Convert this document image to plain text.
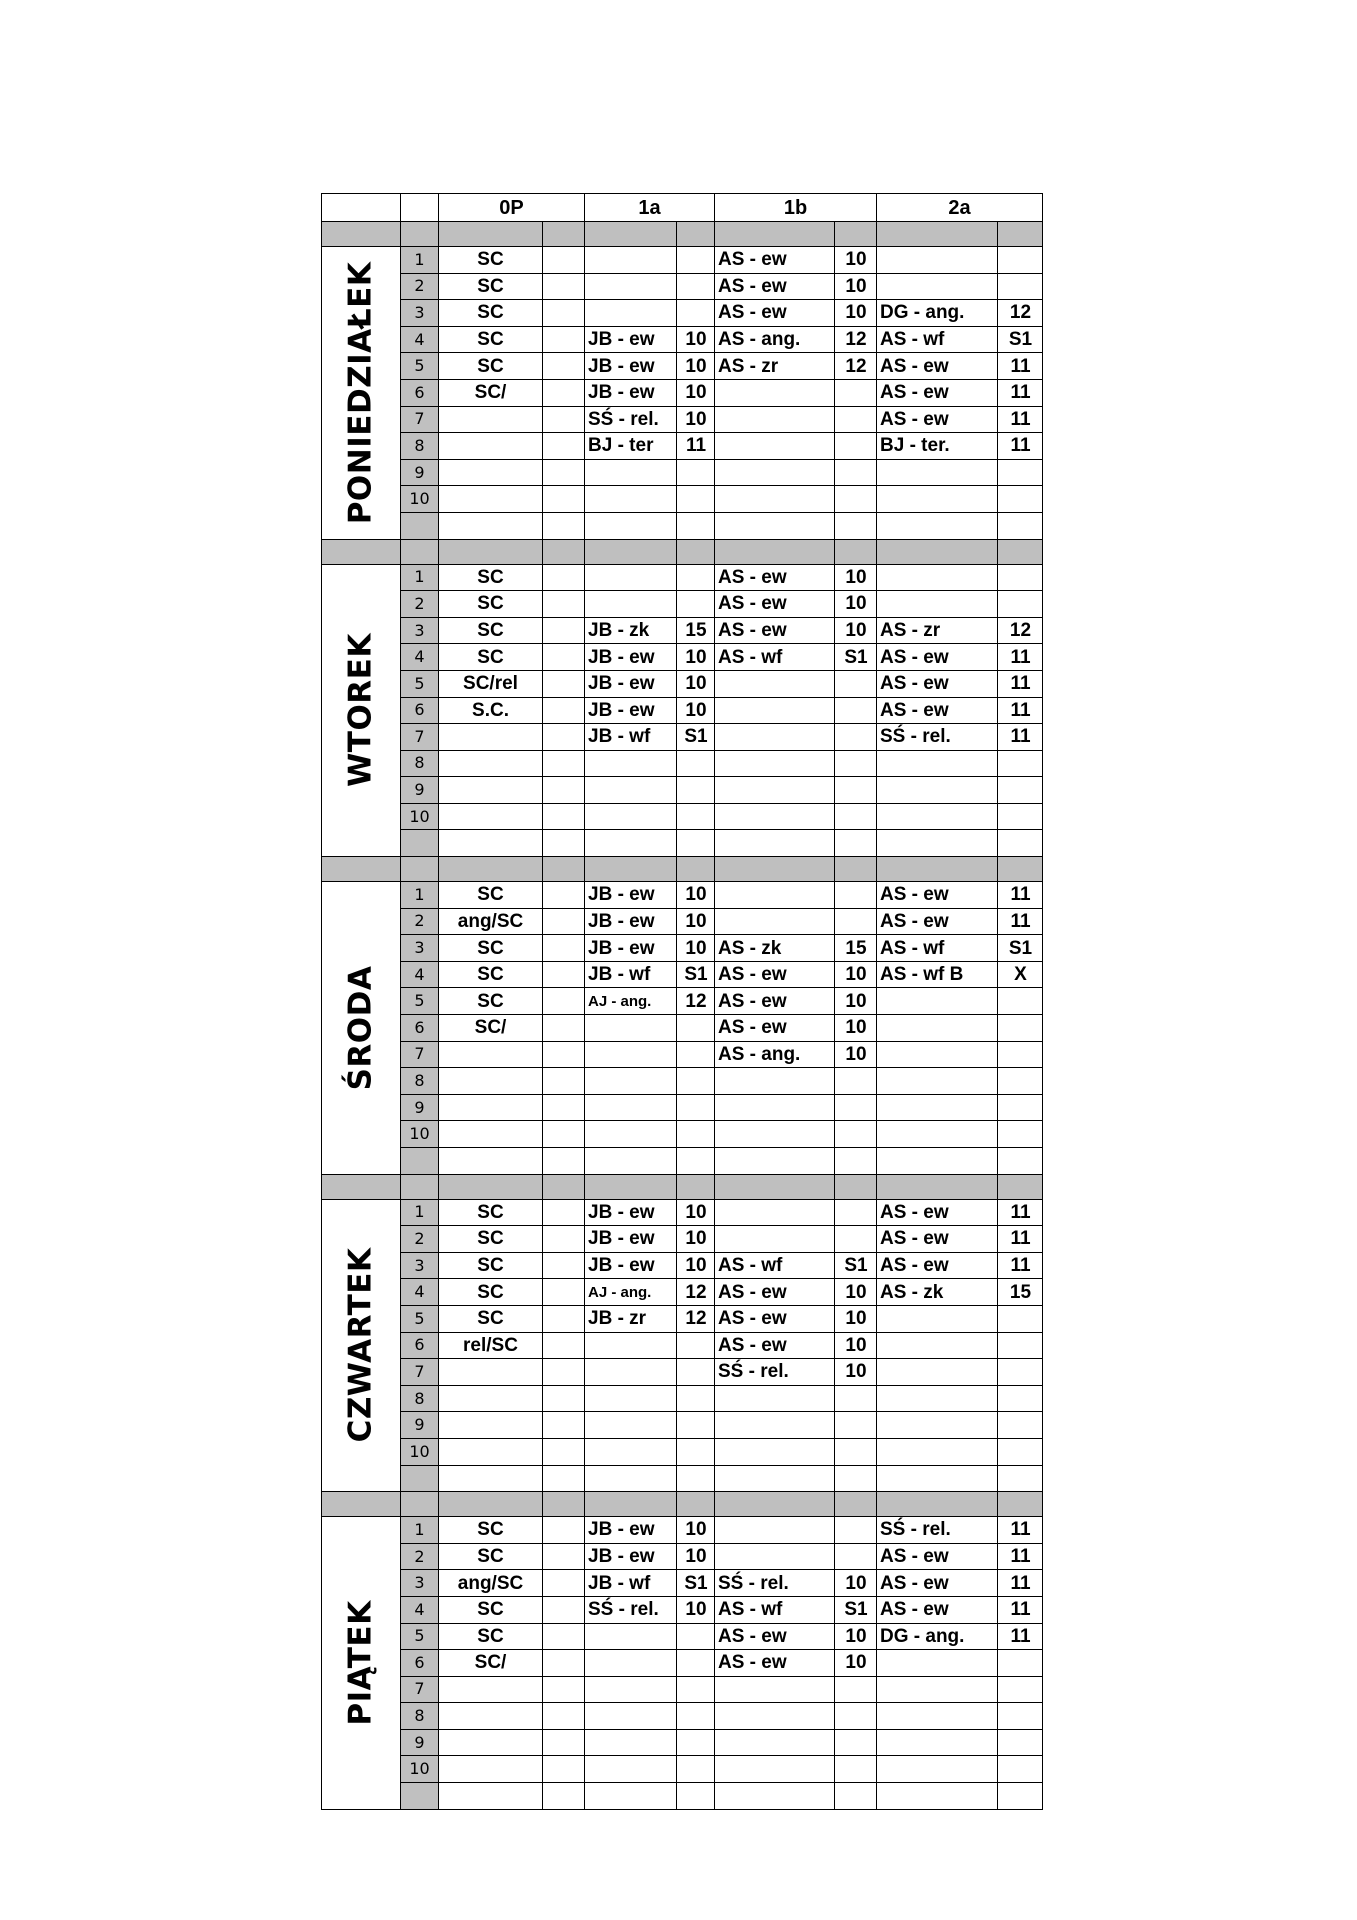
		0P		1a		1b		2a	

PONIEDZIAŁEK	1	SC				AS - ew	10		
	2	SC				AS - ew	10		
	3	SC				AS - ew	10	DG - ang.	12
	4	SC		JB - ew	10	AS - ang.	12	AS - wf	S1
	5	SC		JB - ew	10	AS - zr	12	AS - ew	11
	6	SC/		JB - ew	10			AS - ew	11
	7			SŚ - rel.	10			AS - ew	11
	8			BJ - ter	11			BJ - ter.	11
	9								
	10								

WTOREK	1	SC				AS - ew	10		
	2	SC				AS - ew	10		
	3	SC		JB - zk	15	AS - ew	10	AS - zr	12
	4	SC		JB - ew	10	AS - wf	S1	AS - ew	11
	5	SC/rel		JB - ew	10			AS - ew	11
	6	S.C.		JB - ew	10			AS - ew	11
	7			JB - wf	S1			SŚ - rel.	11
	8								
	9								
	10								

ŚRODA	1	SC		JB - ew	10			AS - ew	11
	2	ang/SC		JB - ew	10			AS - ew	11
	3	SC		JB - ew	10	AS - zk	15	AS - wf	S1
	4	SC		JB - wf	S1	AS - ew	10	AS - wf B	X
	5	SC		AJ - ang.	12	AS - ew	10		
	6	SC/				AS - ew	10		
	7					AS - ang.	10		
	8								
	9								
	10								

CZWARTEK	1	SC		JB - ew	10			AS - ew	11
	2	SC		JB - ew	10			AS - ew	11
	3	SC		JB - ew	10	AS - wf	S1	AS - ew	11
	4	SC		AJ - ang.	12	AS - ew	10	AS - zk	15
	5	SC		JB - zr	12	AS - ew	10		
	6	rel/SC				AS - ew	10		
	7					SŚ - rel.	10		
	8								
	9								
	10								

PIĄTEK	1	SC		JB - ew	10			SŚ - rel.	11
	2	SC		JB - ew	10			AS - ew	11
	3	ang/SC		JB - wf	S1	SŚ - rel.	10	AS - ew	11
	4	SC		SŚ - rel.	10	AS - wf	S1	AS - ew	11
	5	SC				AS - ew	10	DG - ang.	11
	6	SC/				AS - ew	10		
	7								
	8								
	9								
	10								
